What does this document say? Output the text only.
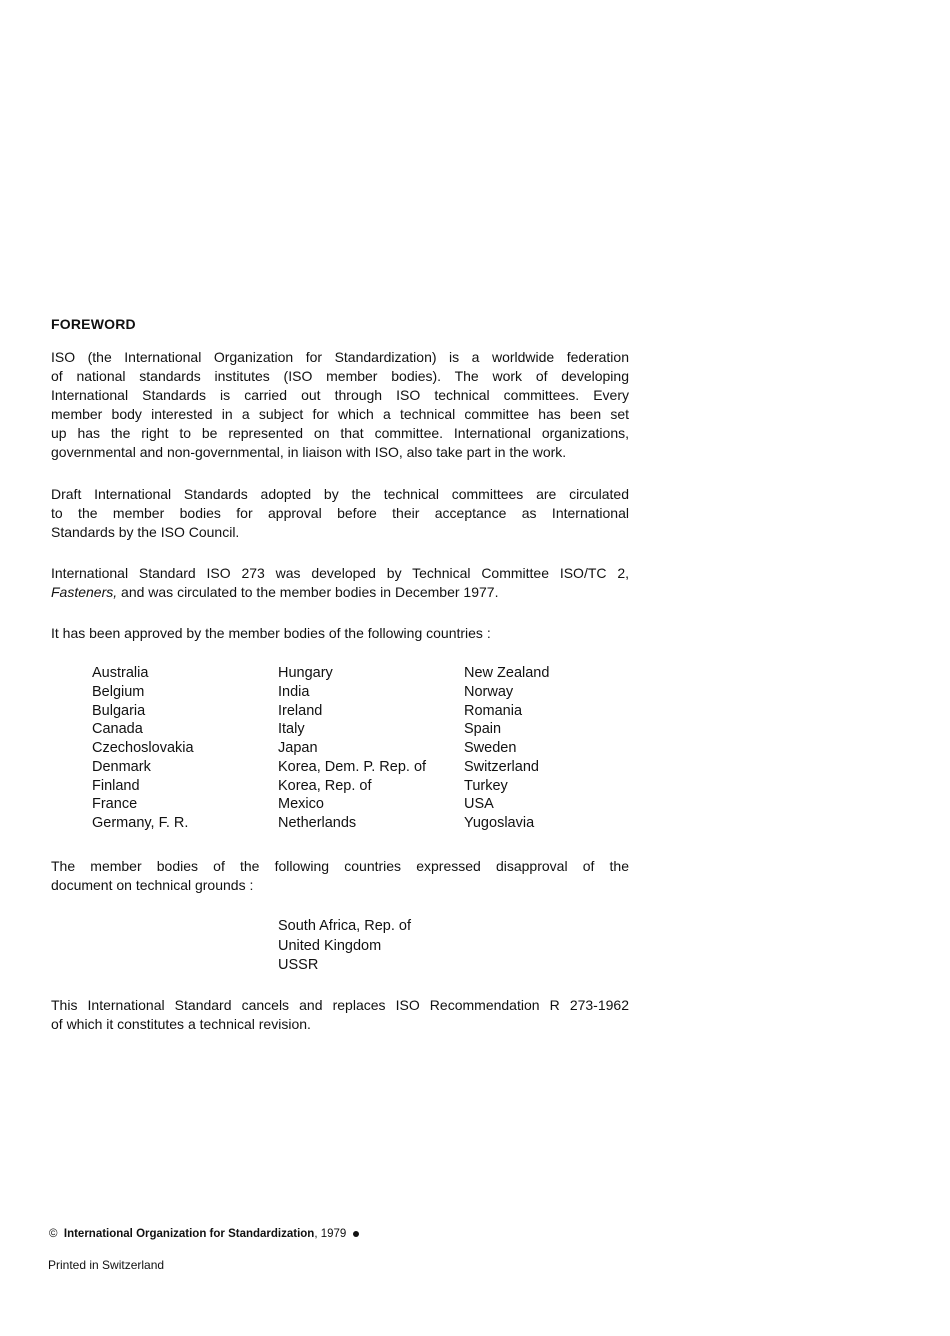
FOREWORD
ISO (the International Organization for Standardization) is a worldwide federation
of national standards institutes (ISO member bodies). The work of developing
International Standards is carried out through ISO technical committees. Every
member body interested in a subject for which a technical committee has been set
up has the right to be represented on that committee. International organizations,
governmental and non-governmental, in liaison with ISO, also take part in the work.
Draft International Standards adopted by the technical committees are circulated
to the member bodies for approval before their acceptance as International
Standards by the ISO Council.
International Standard ISO 273 was developed by Technical Committee ISO/TC 2,
Fasteners, and was circulated to the member bodies in December 1977.
It has been approved by the member bodies of the following countries :
Australia
Belgium
Bulgaria
Canada
Czechoslovakia
Denmark
Finland
France
Germany, F. R.
Hungary
India
Ireland
Italy
Japan
Korea, Dem. P. Rep. of
Korea, Rep. of
Mexico
Netherlands
New Zealand
Norway
Romania
Spain
Sweden
Switzerland
Turkey
USA
Yugoslavia
The member bodies of the following countries expressed disapproval of the
document on technical grounds :
South Africa, Rep. of
United Kingdom
USSR
This International Standard cancels and replaces ISO Recommendation R 273-1962
of which it constitutes a technical revision.
© International Organization for Standardization, 1979
Printed in Switzerland
